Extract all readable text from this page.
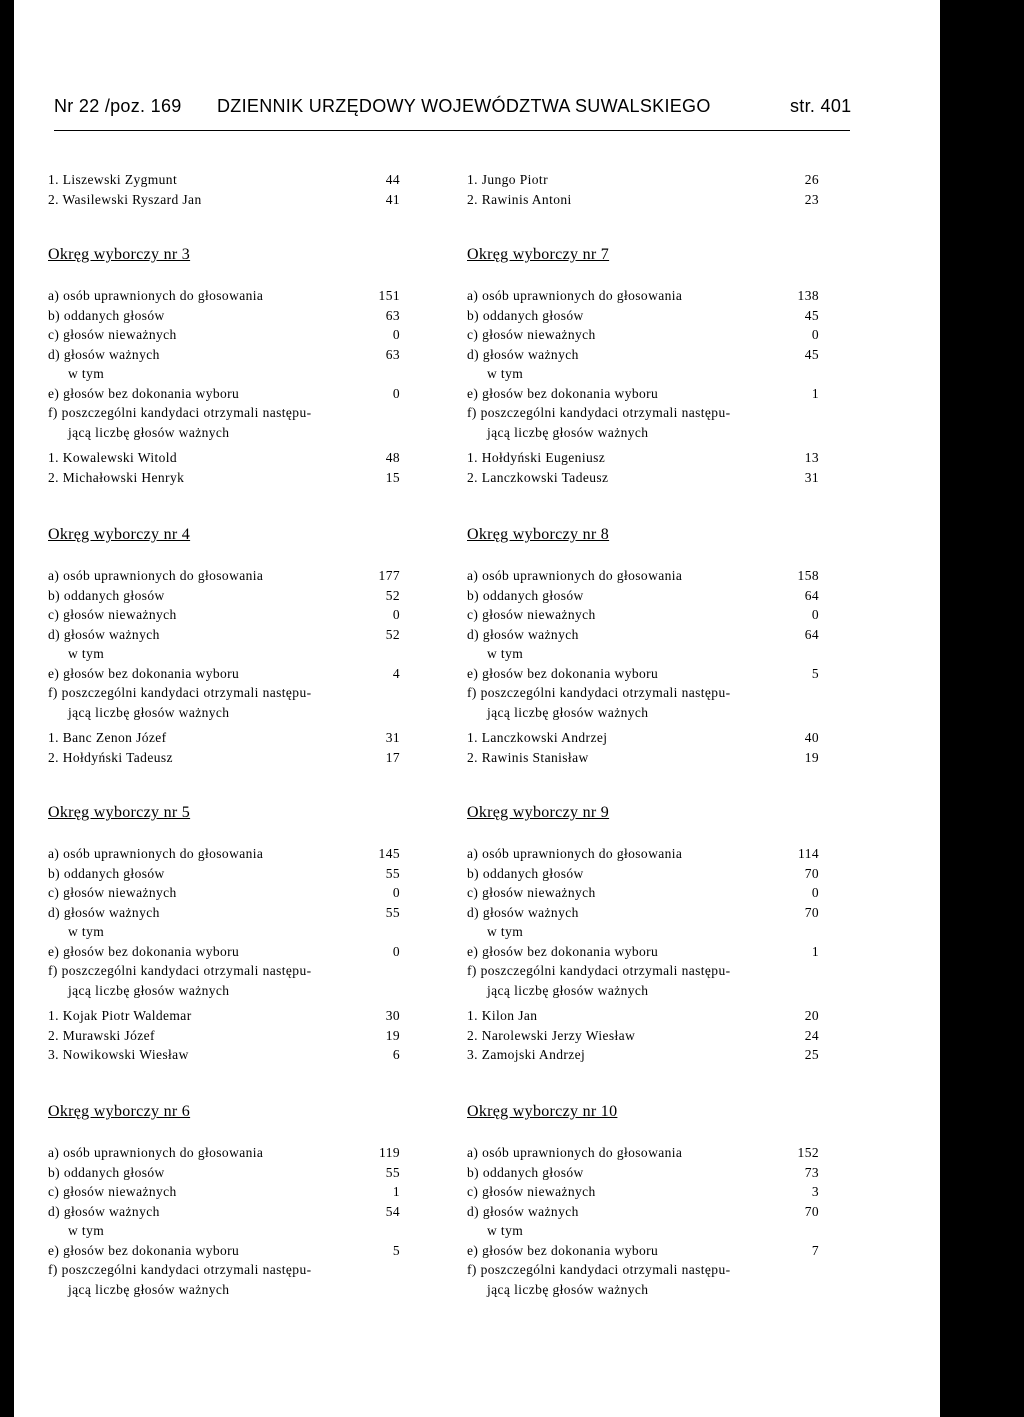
Nr 22 /poz. 169 DZIENNIK URZĘDOWY WOJEWÓDZTWA SUWALSKIEGO	str. 401
1. Liszewski Zygmunt	44
2. Wasilewski Ryszard Jan	41
1. Jungo Piotr	26
2. Rawinis Antoni	23
Okręg wyborczy nr 3
a) osób uprawnionych do głosowania	151
b) oddanych głosów	63
c) głosów nieważnych	0
d) głosów ważnych	63
w tym
e) głosów bez dokonania wyboru	0
f) poszczególni kandydaci otrzymali następu-
jącą liczbę głosów ważnych
1. Kowalewski Witold	48
2. Michałowski Henryk	15
Okręg wyborczy nr 7
a) osób uprawnionych do głosowania	138
b) oddanych głosów	45
c) głosów nieważnych	0
d) głosów ważnych	45
w tym
e) głosów bez dokonania wyboru	1
f) poszczególni kandydaci otrzymali następu-
jącą liczbę głosów ważnych
1. Hołdyński Eugeniusz	13
2. Lanczkowski Tadeusz	31
Okręg wyborczy nr 4
a) osób uprawnionych do głosowania	177
b) oddanych głosów	52
c) głosów nieważnych	0
d) głosów ważnych	52
w tym
e) głosów bez dokonania wyboru	4
f) poszczególni kandydaci otrzymali następu-
jącą liczbę głosów ważnych
1. Banc Zenon Józef	31
2. Hołdyński Tadeusz	17
Okręg wyborczy nr 8
a) osób uprawnionych do głosowania	158
b) oddanych głosów	64
c) głosów nieważnych	0
d) głosów ważnych	64
w tym
e) głosów bez dokonania wyboru	5
f) poszczególni kandydaci otrzymali następu-
jącą liczbę głosów ważnych
1. Lanczkowski Andrzej	40
2. Rawinis Stanisław	19
Okręg wyborczy nr 5
a) osób uprawnionych do głosowania	145
b) oddanych głosów	55
c) głosów nieważnych	0
d) głosów ważnych	55
w tym
e) głosów bez dokonania wyboru	0
f) poszczególni kandydaci otrzymali następu-
jącą liczbę głosów ważnych
1. Kojak Piotr Waldemar	30
2. Murawski Józef	19
3. Nowikowski Wiesław	6
Okręg wyborczy nr 9
a) osób uprawnionych do głosowania	114
b) oddanych głosów	70
c) głosów nieważnych	0
d) głosów ważnych	70
w tym
e) głosów bez dokonania wyboru	1
f) poszczególni kandydaci otrzymali następu-
jącą liczbę głosów ważnych
1. Kilon Jan	20
2. Narolewski Jerzy Wiesław	24
3. Zamojski Andrzej	25
Okręg wyborczy nr 6
a) osób uprawnionych do głosowania	119
b) oddanych głosów	55
c) głosów nieważnych	1
d) głosów ważnych	54
w tym
e) głosów bez dokonania wyboru	5
f) poszczególni kandydaci otrzymali następu-
jącą liczbę głosów ważnych
Okręg wyborczy nr 10
a) osób uprawnionych do głosowania	152
b) oddanych głosów	73
c) głosów nieważnych	3
d) głosów ważnych	70
w tym
e) głosów bez dokonania wyboru	7
f) poszczególni kandydaci otrzymali następu-
jącą liczbę głosów ważnych
